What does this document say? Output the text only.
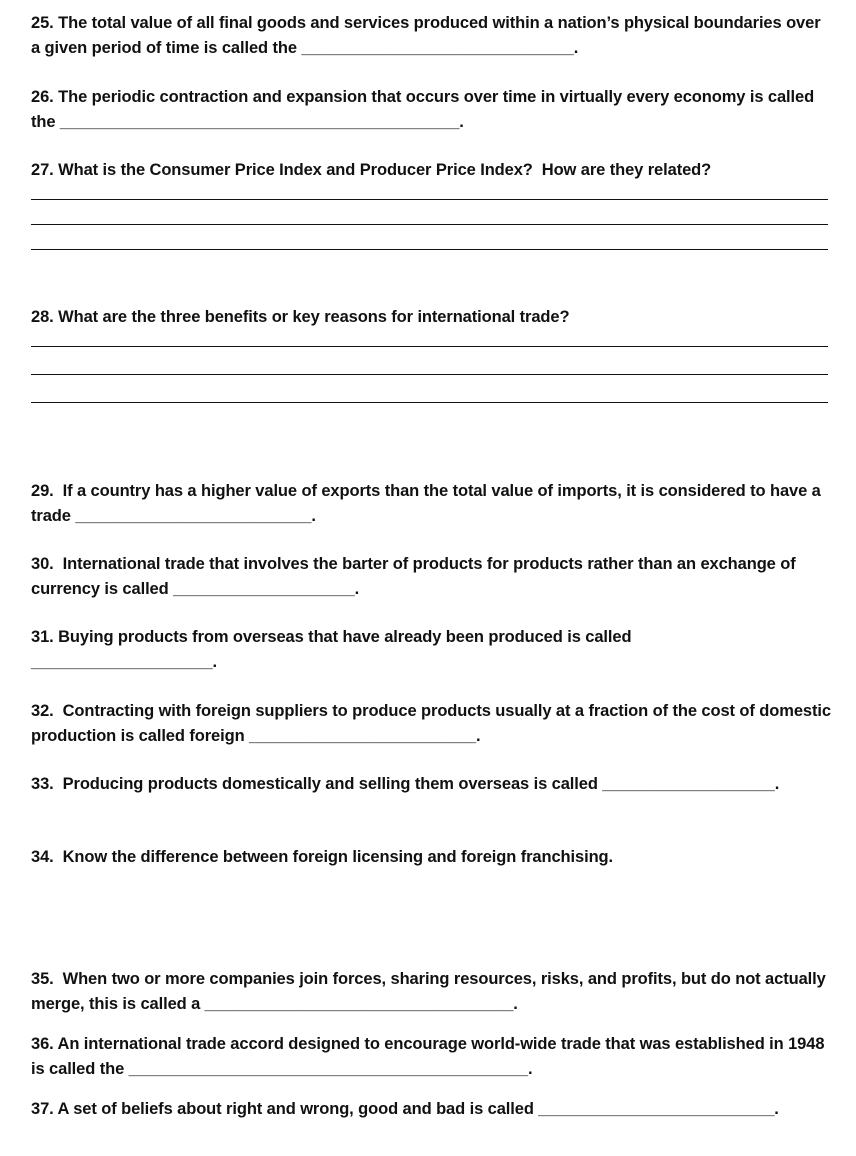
25. The total value of all final goods and services produced within a nation’s physical boundaries over a given period of time is called the ______________________________.

26. The periodic contraction and expansion that occurs over time in virtually every economy is called the ____________________________________________.

27. What is the Consumer Price Index and Producer Price Index?  How are they related?

28. What are the three benefits or key reasons for international trade?

29.  If a country has a higher value of exports than the total value of imports, it is considered to have a trade __________________________.

30.  International trade that involves the barter of products for products rather than an exchange of currency is called ____________________.

31. Buying products from overseas that have already been produced is called
____________________.

32.  Contracting with foreign suppliers to produce products usually at a fraction of the cost of domestic production is called foreign _________________________.

33.  Producing products domestically and selling them overseas is called ___________________.

34.  Know the difference between foreign licensing and foreign franchising.

35.  When two or more companies join forces, sharing resources, risks, and profits, but do not actually merge, this is called a __________________________________.

36. An international trade accord designed to encourage world-wide trade that was established in 1948 is called the ____________________________________________.

37. A set of beliefs about right and wrong, good and bad is called __________________________.
